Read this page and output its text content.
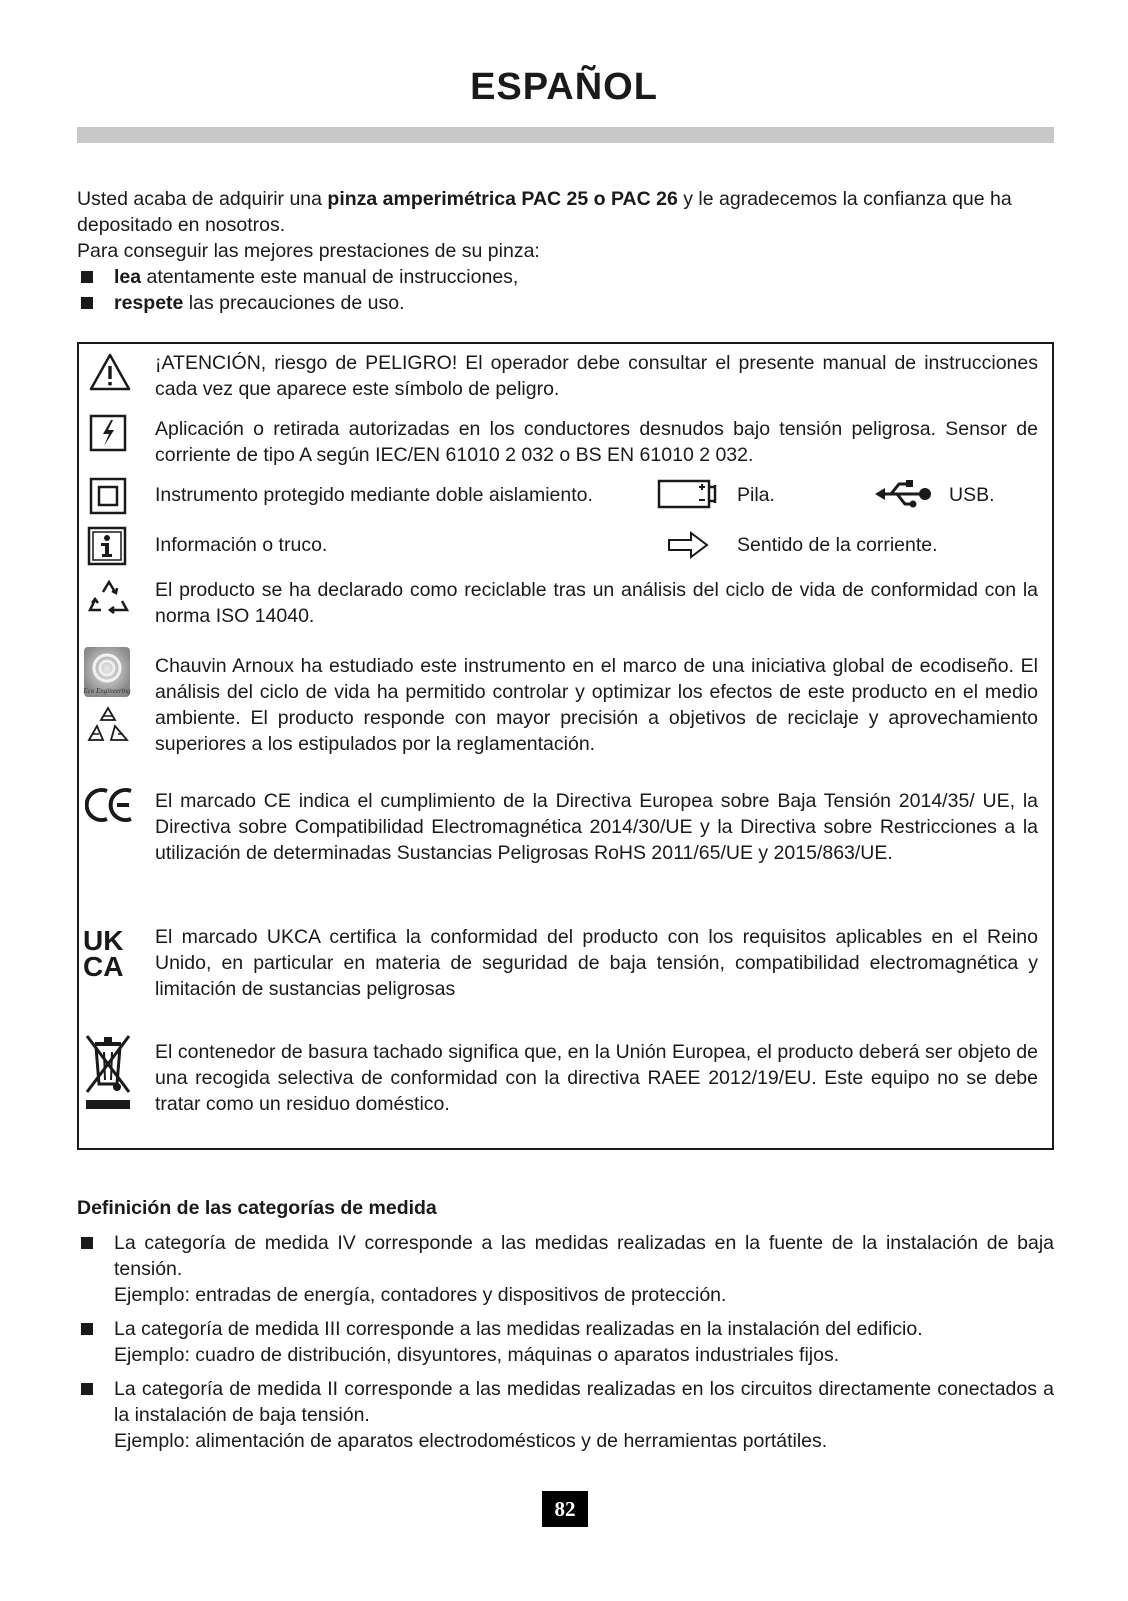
ESPAÑOL

Usted acaba de adquirir una pinza amperimétrica PAC 25 o PAC 26 y le agradecemos la confianza que ha depositado en nosotros.

Para conseguir las mejores prestaciones de su pinza:

lea atentamente este manual de instrucciones,
respete las precauciones de uso.

¡ATENCIÓN, riesgo de PELIGRO! El operador debe consultar el presente manual de instrucciones cada vez que aparece este símbolo de peligro.

Aplicación o retirada autorizadas en los conductores desnudos bajo tensión peligrosa. Sensor de corriente de tipo A según IEC/EN 61010 2 032 o BS EN 61010 2 032.

Instrumento protegido mediante doble aislamiento.	Pila.	USB.
Información o truco.	Sentido de la corriente.

El producto se ha declarado como reciclable tras un análisis del ciclo de vida de conformidad con la norma ISO 14040.

Eco Engineering

Chauvin Arnoux ha estudiado este instrumento en el marco de una iniciativa global de ecodiseño. El análisis del ciclo de vida ha permitido controlar y optimizar los efectos de este producto en el medio ambiente. El producto responde con mayor precisión a objetivos de reciclaje y aprovechamiento superiores a los estipulados por la reglamentación.

El marcado CE indica el cumplimiento de la Directiva Europea sobre Baja Tensión 2014/35/ UE, la Directiva sobre Compatibilidad Electromagnética 2014/30/UE y la Directiva sobre Restricciones a la utilización de determinadas Sustancias Peligrosas RoHS 2011/65/UE y 2015/863/UE.

UK
CA

El marcado UKCA certifica la conformidad del producto con los requisitos aplicables en el Reino Unido, en particular en materia de seguridad de baja tensión, compatibilidad electromagnética y limitación de sustancias peligrosas

El contenedor de basura tachado significa que, en la Unión Europea, el producto deberá ser objeto de una recogida selectiva de conformidad con la directiva RAEE 2012/19/EU. Este equipo no se debe tratar como un residuo doméstico.

Definición de las categorías de medida

La categoría de medida IV corresponde a las medidas realizadas en la fuente de la instalación de baja tensión.

Ejemplo: entradas de energía, contadores y dispositivos de protección.

La categoría de medida III corresponde a las medidas realizadas en la instalación del edificio.

Ejemplo: cuadro de distribución, disyuntores, máquinas o aparatos industriales fijos.

La categoría de medida II corresponde a las medidas realizadas en los circuitos directamente conectados a la instalación de baja tensión.

Ejemplo: alimentación de aparatos electrodomésticos y de herramientas portátiles.

82
